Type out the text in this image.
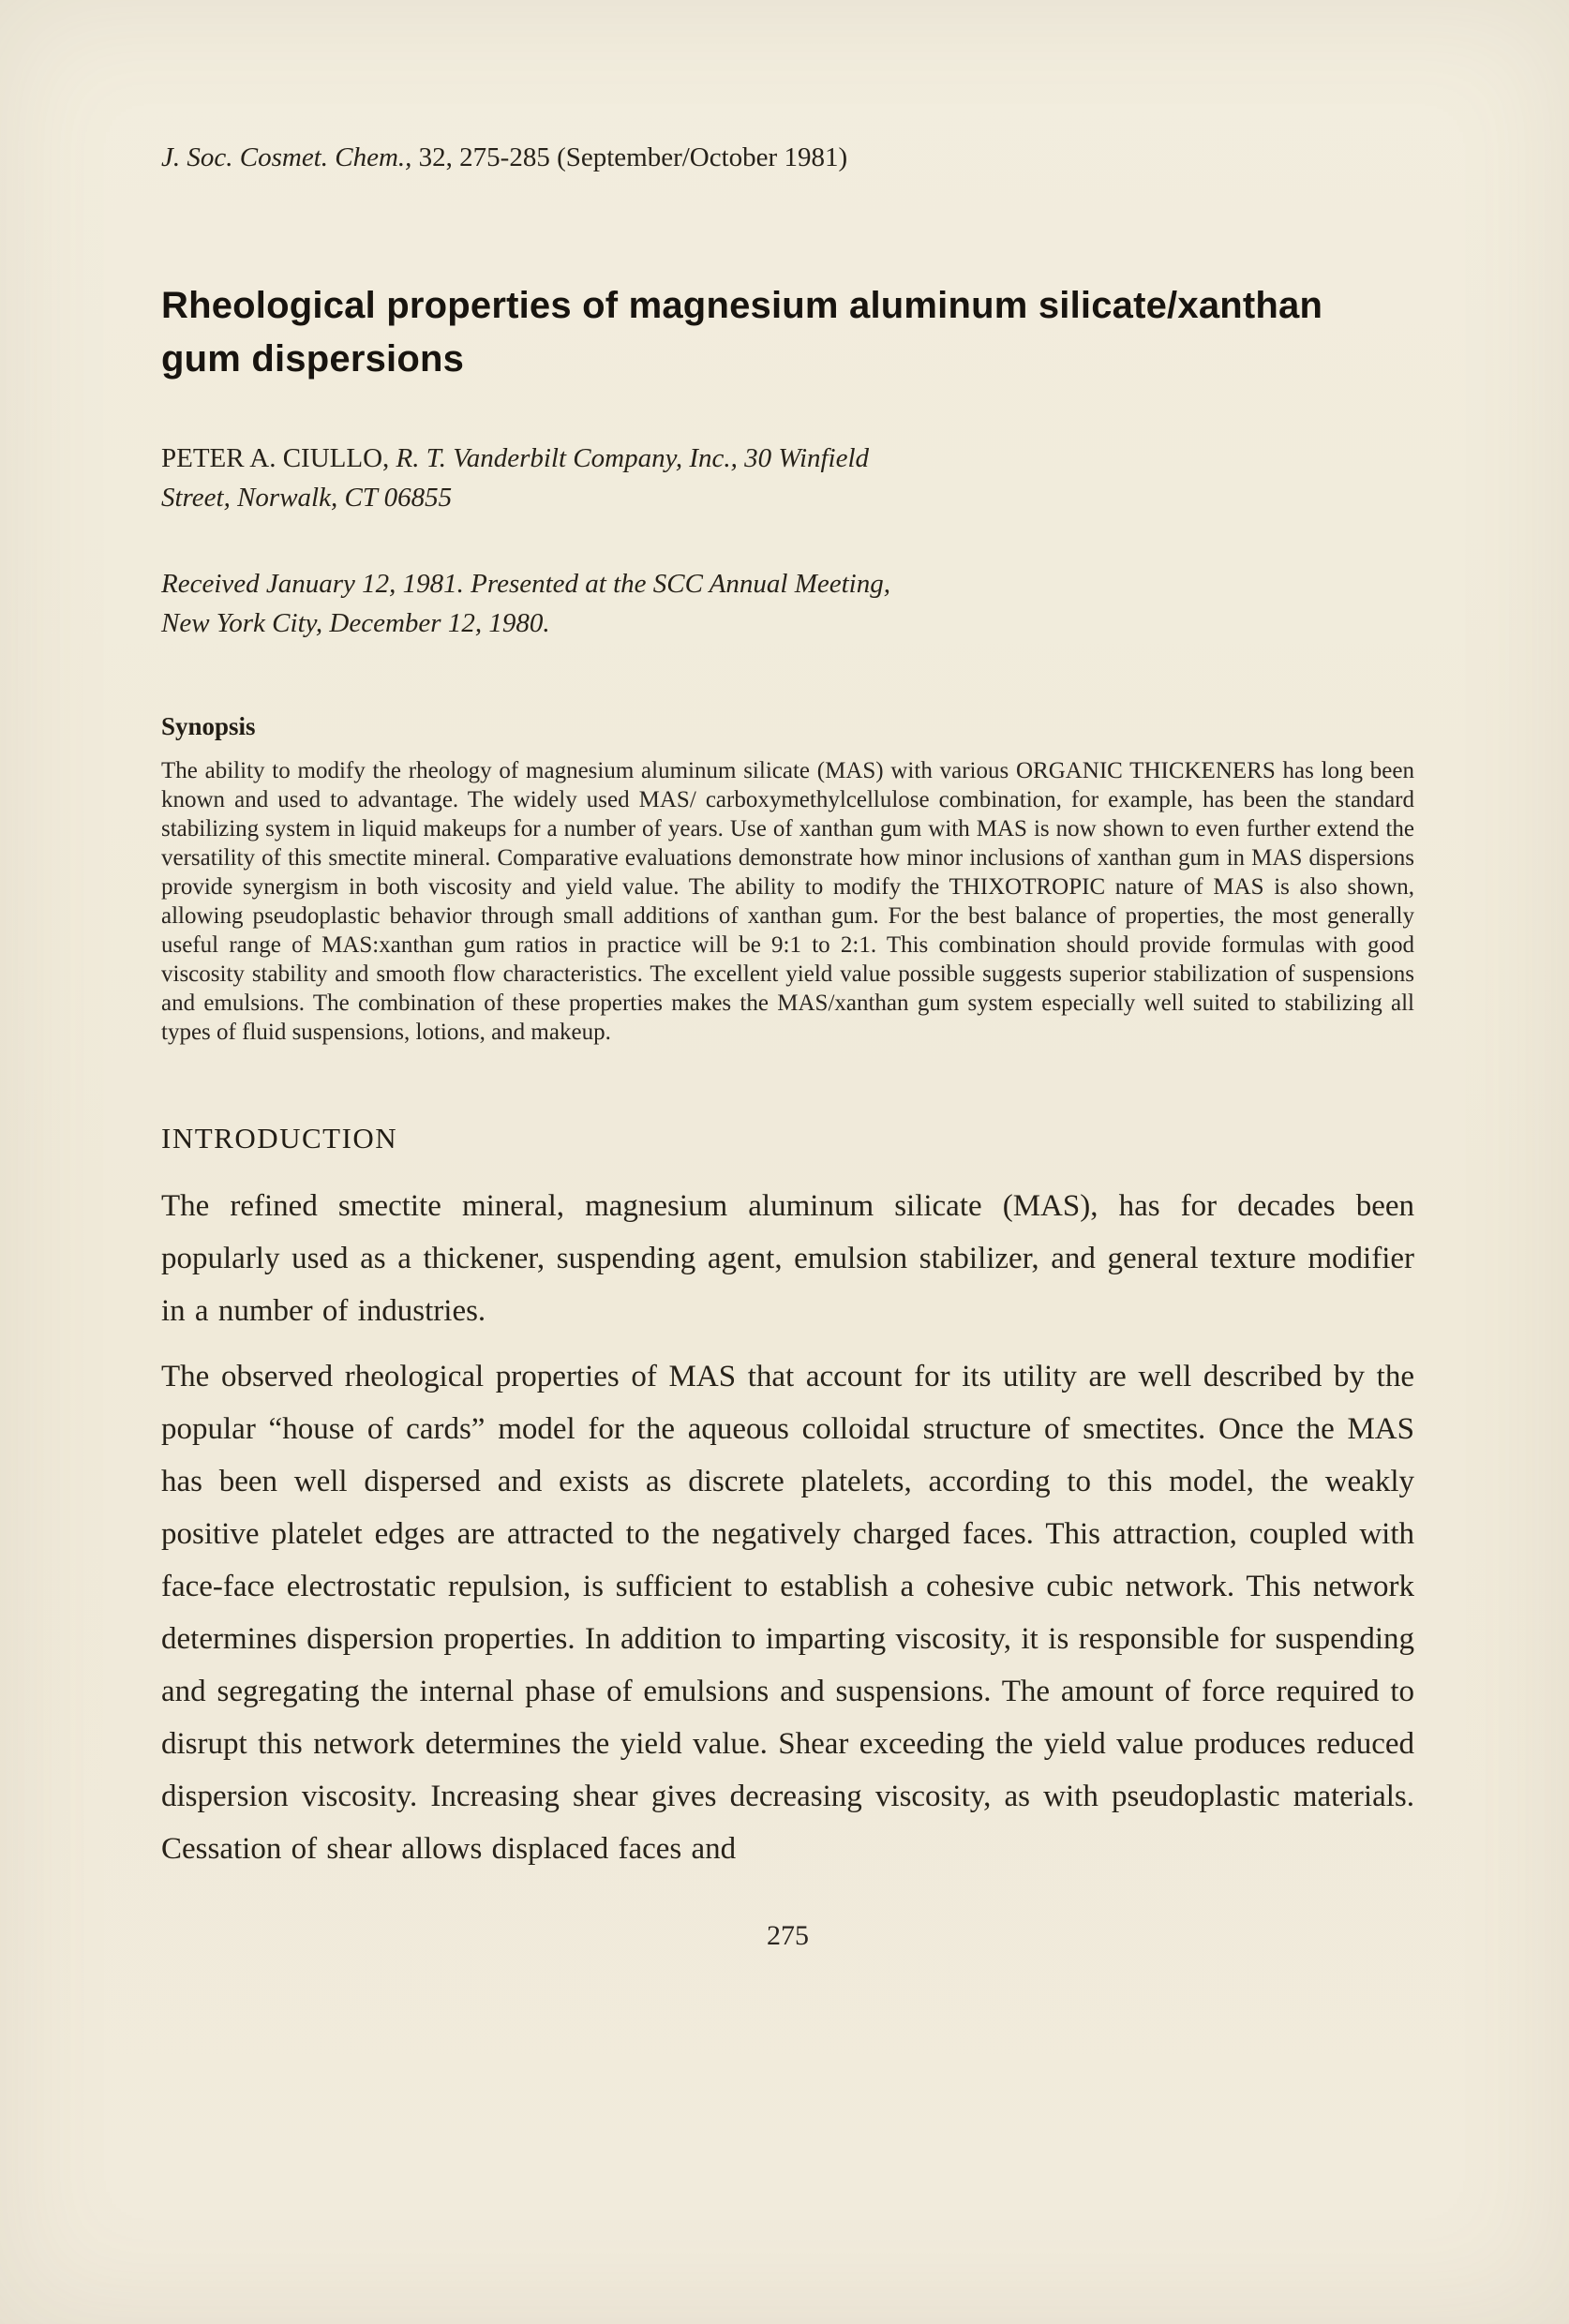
J. Soc. Cosmet. Chem., 32, 275-285 (September/October 1981)
Rheological properties of magnesium aluminum silicate/xanthan
gum dispersions

PETER A. CIULLO, R. T. Vanderbilt Company, Inc., 30 Winfield
Street, Norwalk, CT 06855

Received January 12, 1981. Presented at the SCC Annual Meeting,
New York City, December 12, 1980.

Synopsis

The ability to modify the rheology of magnesium aluminum silicate (MAS) with various ORGANIC THICKENERS has long been known and used to advantage. The widely used MAS/ carboxymethylcellulose combination, for example, has been the standard stabilizing system in liquid makeups for a number of years. Use of xanthan gum with MAS is now shown to even further extend the versatility of this smectite mineral. Comparative evaluations demonstrate how minor inclusions of xanthan gum in MAS dispersions provide synergism in both viscosity and yield value. The ability to modify the THIXOTROPIC nature of MAS is also shown, allowing pseudoplastic behavior through small additions of xanthan gum. For the best balance of properties, the most generally useful range of MAS:xanthan gum ratios in practice will be 9:1 to 2:1. This combination should provide formulas with good viscosity stability and smooth flow characteristics. The excellent yield value possible suggests superior stabilization of suspensions and emulsions. The combination of these properties makes the MAS/xanthan gum system especially well suited to stabilizing all types of fluid suspensions, lotions, and makeup.

INTRODUCTION

The refined smectite mineral, magnesium aluminum silicate (MAS), has for decades been popularly used as a thickener, suspending agent, emulsion stabilizer, and general texture modifier in a number of industries.

The observed rheological properties of MAS that account for its utility are well described by the popular “house of cards” model for the aqueous colloidal structure of smectites. Once the MAS has been well dispersed and exists as discrete platelets, according to this model, the weakly positive platelet edges are attracted to the negatively charged faces. This attraction, coupled with face-face electrostatic repulsion, is sufficient to establish a cohesive cubic network. This network determines dispersion properties. In addition to imparting viscosity, it is responsible for suspending and segregating the internal phase of emulsions and suspensions. The amount of force required to disrupt this network determines the yield value. Shear exceeding the yield value produces reduced dispersion viscosity. Increasing shear gives decreasing viscosity, as with pseudoplastic materials. Cessation of shear allows displaced faces and

275
